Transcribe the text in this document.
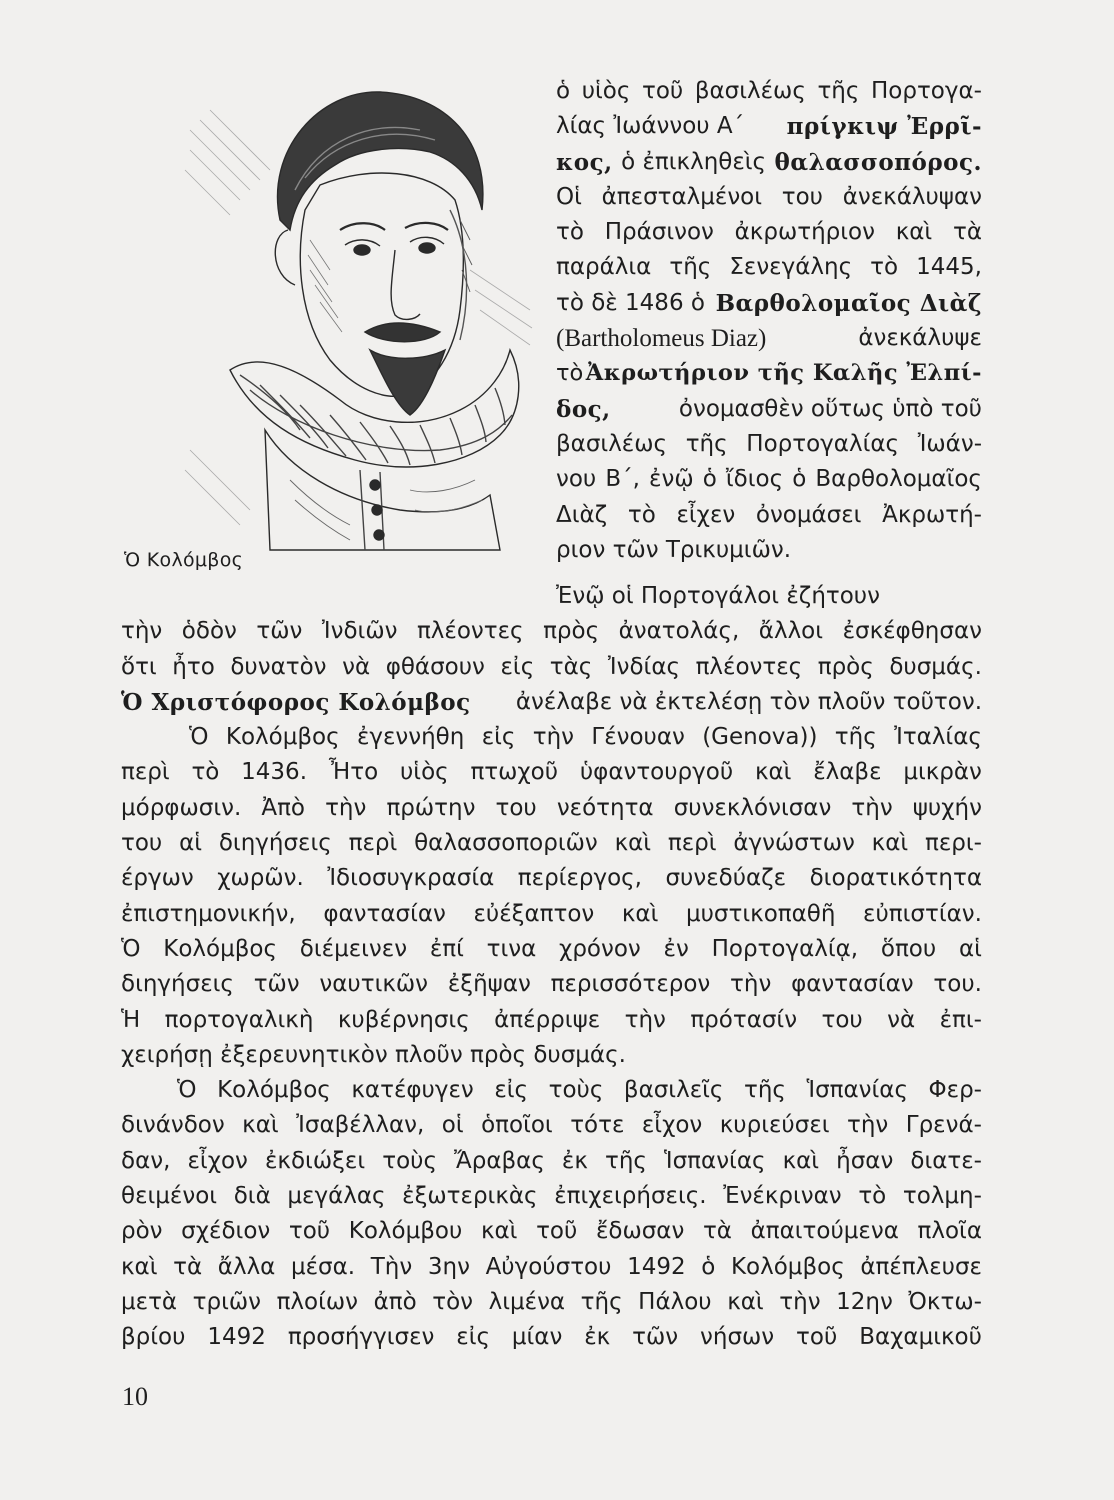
Ὁ Κολόμβος
ὁ υἱὸς τοῦ βασιλέως τῆς Πορτογα-
λίας Ἰωάννου Α΄ πρίγκιψ Ἐρρῖ-
κος, ὁ ἐπικληθεὶς θαλασσοπόρος.
Οἱ ἀπεσταλμένοι του ἀνεκάλυψαν
τὸ Πράσινον ἀκρωτήριον καὶ τὰ
παράλια τῆς Σενεγάλης τὸ 1445,
τὸ δὲ 1486 ὁ Βαρθολομαῖος Διὰζ
(Bartholomeus Diaz)	ἀνεκάλυψε
τὸ Ἀκρωτήριον τῆς Καλῆς Ἐλπί-
δος,	ὀνομασθὲν οὕτως ὑπὸ τοῦ
βασιλέως τῆς Πορτογαλίας Ἰωάν-
νου Β΄, ἐνῷ ὁ ἴδιος ὁ Βαρθολομαῖος
Διὰζ τὸ εἶχεν ὀνομάσει Ἀκρωτή-
ριον τῶν Τρικυμιῶν.
Ἐνῷ οἱ Πορτογάλοι ἐζήτουν
τὴν ὁδὸν τῶν Ἰνδιῶν πλέοντες πρὸς ἀνατολάς, ἄλλοι ἐσκέφθησαν
ὅτι ἦτο δυνατὸν νὰ φθάσουν εἰς τὰς Ἰνδίας πλέοντες πρὸς δυσμάς.
Ὁ Χριστόφορος Κολόμβος ἀνέλαβε νὰ ἐκτελέσῃ τὸν πλοῦν τοῦτον.
Ὁ Κολόμβος ἐγεννήθη εἰς τὴν Γένουαν (Genova)) τῆς Ἰταλίας
περὶ τὸ 1436. Ἦτο υἱὸς πτωχοῦ ὑφαντουργοῦ καὶ ἔλαβε μικρὰν
μόρφωσιν. Ἀπὸ τὴν πρώτην του νεότητα συνεκλόνισαν τὴν ψυχήν
του αἱ διηγήσεις περὶ θαλασσοποριῶν καὶ περὶ ἀγνώστων καὶ περι-
έργων χωρῶν. Ἰδιοσυγκρασία περίεργος, συνεδύαζε διορατικότητα
ἐπιστημονικήν, φαντασίαν εὐέξαπτον καὶ μυστικοπαθῆ εὐπιστίαν.
Ὁ Κολόμβος διέμεινεν ἐπί τινα χρόνον ἐν Πορτογαλίᾳ, ὅπου αἱ
διηγήσεις τῶν ναυτικῶν ἐξῆψαν περισσότερον τὴν φαντασίαν του.
Ἡ πορτογαλικὴ κυβέρνησις ἀπέρριψε τὴν πρότασίν του νὰ ἐπι-
χειρήσῃ ἐξερευνητικὸν πλοῦν πρὸς δυσμάς.
Ὁ Κολόμβος κατέφυγεν εἰς τοὺς βασιλεῖς τῆς Ἱσπανίας Φερ-
δινάνδον καὶ Ἰσαβέλλαν, οἱ ὁποῖοι τότε εἶχον κυριεύσει τὴν Γρενά-
δαν, εἶχον ἐκδιώξει τοὺς Ἄραβας ἐκ τῆς Ἱσπανίας καὶ ἦσαν διατε-
θειμένοι διὰ μεγάλας ἐξωτερικὰς ἐπιχειρήσεις. Ἐνέκριναν τὸ τολμη-
ρὸν σχέδιον τοῦ Κολόμβου καὶ τοῦ ἔδωσαν τὰ ἀπαιτούμενα πλοῖα
καὶ τὰ ἄλλα μέσα. Τὴν 3ην Αὐγούστου 1492 ὁ Κολόμβος ἀπέπλευσε
μετὰ τριῶν πλοίων ἀπὸ τὸν λιμένα τῆς Πάλου καὶ τὴν 12ην Ὀκτω-
βρίου 1492 προσήγγισεν εἰς μίαν ἐκ τῶν νήσων τοῦ Βαχαμικοῦ
10
